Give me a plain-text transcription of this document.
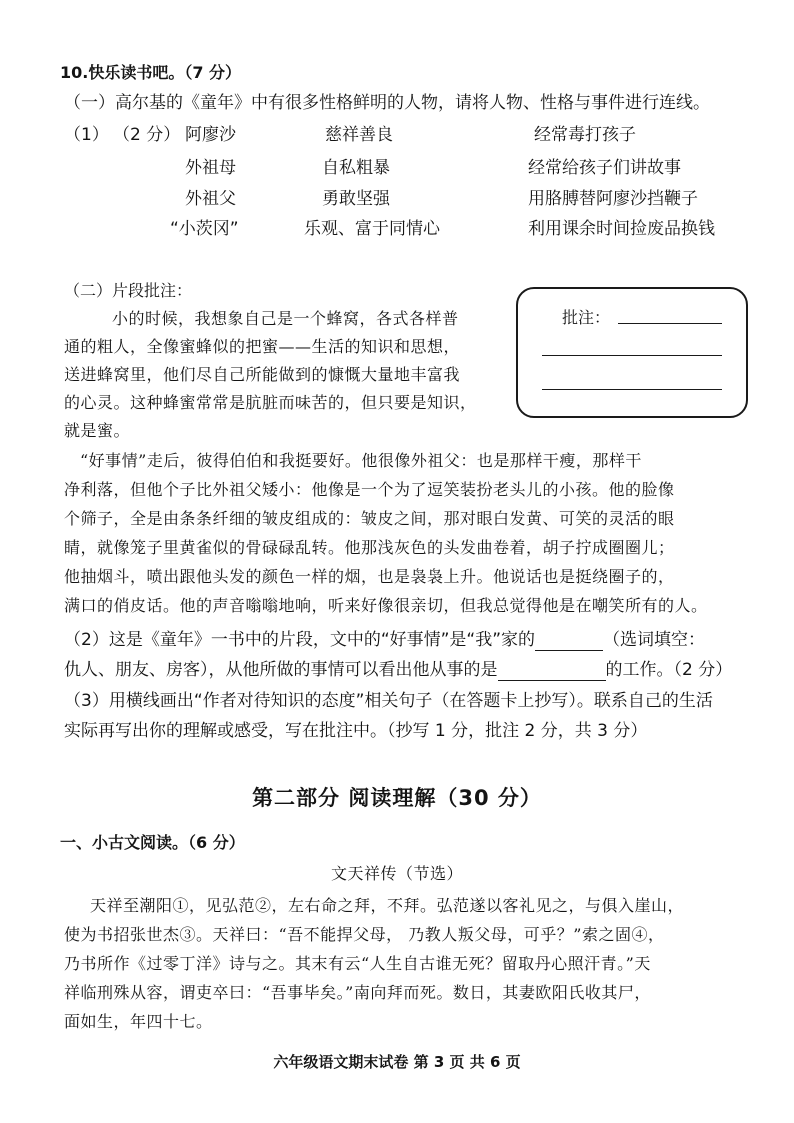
10.快乐读书吧。（7 分）
（一）高尔基的《童年》中有很多性格鲜明的人物，请将人物、性格与事件进行连线。
（1） （2 分） 阿廖沙
外祖母
外祖父
“小茨冈”
慈祥善良
自私粗暴
勇敢坚强
乐观、富于同情心
经常毒打孩子
经常给孩子们讲故事
用胳膊替阿廖沙挡鞭子
利用课余时间捡废品换钱
（二）片段批注：
小的时候，我想象自己是一个蜂窝，各式各样普
通的粗人，全像蜜蜂似的把蜜——生活的知识和思想，
送进蜂窝里，他们尽自己所能做到的慷慨大量地丰富我
的心灵。这种蜂蜜常常是肮脏而味苦的，但只要是知识，
就是蜜。
批注：
“好事情”走后，彼得伯伯和我挺要好。他很像外祖父：也是那样干瘦，那样干
净利落，但他个子比外祖父矮小：他像是一个为了逗笑装扮老头儿的小孩。他的脸像
个筛子，全是由条条纤细的皱皮组成的：皱皮之间，那对眼白发黄、可笑的灵活的眼
睛，就像笼子里黄雀似的骨碌碌乱转。他那浅灰色的头发曲卷着，胡子拧成圈圈儿；
他抽烟斗，喷出跟他头发的颜色一样的烟，也是袅袅上升。他说话也是挺绕圈子的，
满口的俏皮话。他的声音嗡嗡地响，听来好像很亲切，但我总觉得他是在嘲笑所有的人。
（2）这是《童年》一书中的片段，文中的“好事情”是“我”家的	（选词填空：
仇人、朋友、房客），从他所做的事情可以看出他从事的是	的工作。（2 分）
（3）用横线画出“作者对待知识的态度”相关句子（在答题卡上抄写）。联系自己的生活
实际再写出你的理解或感受，写在批注中。（抄写 1 分，批注 2 分，共 3 分）
第二部分 阅读理解（30 分）
一、小古文阅读。（6 分）
文天祥传（节选）
天祥至潮阳①，见弘范②，左右命之拜，不拜。弘范遂以客礼见之，与俱入崖山，
使为书招张世杰③。天祥曰：“吾不能捍父母， 乃教人叛父母，可乎？”索之固④，
乃书所作《过零丁洋》诗与之。其末有云“人生自古谁无死？留取丹心照汗青。”天
祥临刑殊从容，谓吏卒曰：“吾事毕矣。”南向拜而死。数日，其妻欧阳氏收其尸，
面如生，年四十七。
六年级语文期末试卷 第 3 页 共 6 页
